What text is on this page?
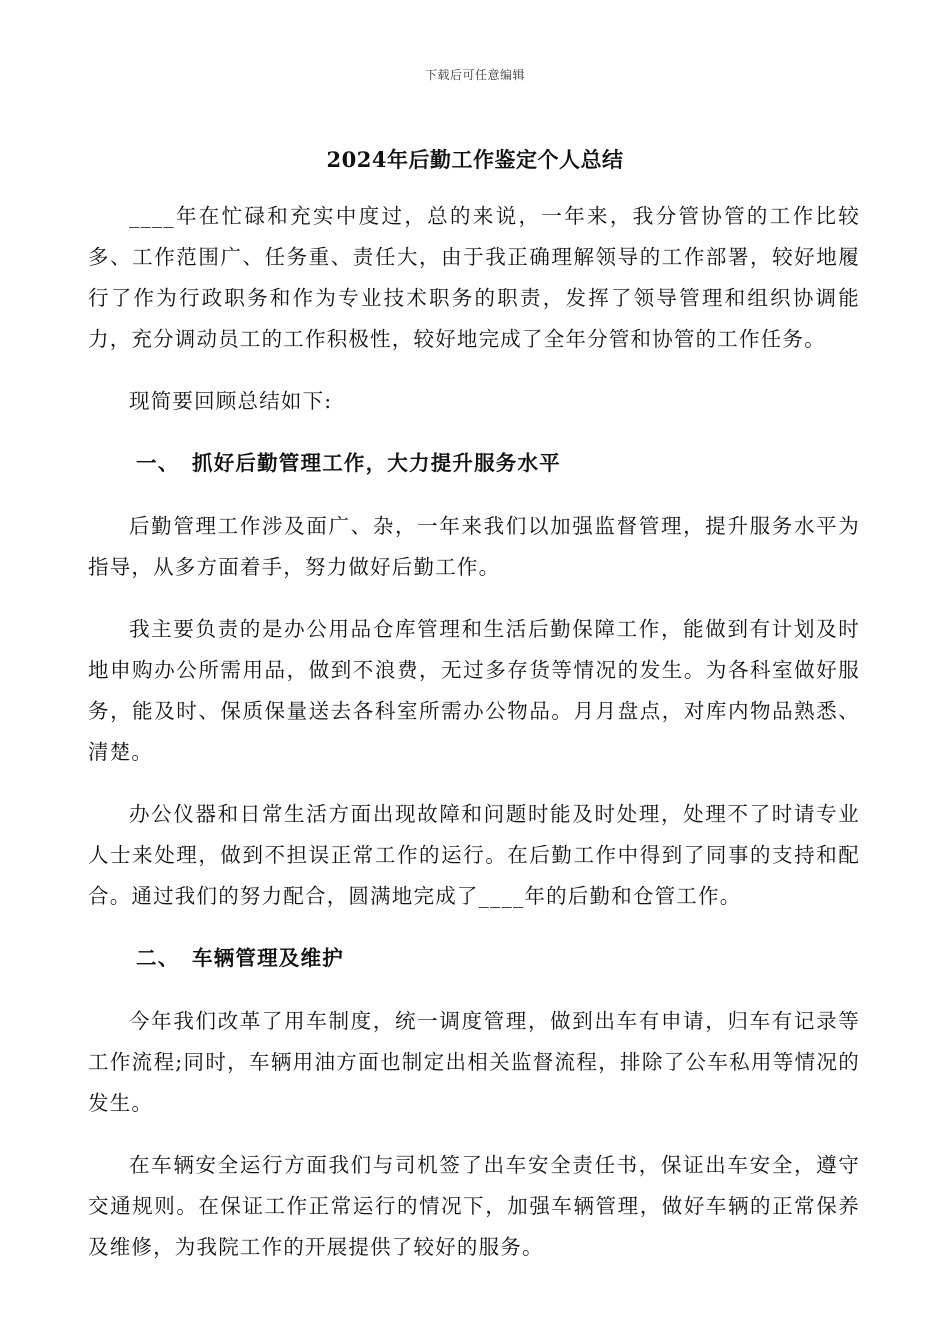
下载后可任意编辑
2024年后勤工作鉴定个人总结

____年在忙碌和充实中度过，总的来说，一年来，我分管协管的工作比较多、工作范围广、任务重、责任大，由于我正确理解领导的工作部署，较好地履行了作为行政职务和作为专业技术职务的职责，发挥了领导管理和组织协调能力，充分调动员工的工作积极性，较好地完成了全年分管和协管的工作任务。

现简要回顾总结如下:

一、 抓好后勤管理工作，大力提升服务水平

后勤管理工作涉及面广、杂，一年来我们以加强监督管理，提升服务水平为指导，从多方面着手，努力做好后勤工作。

我主要负责的是办公用品仓库管理和生活后勤保障工作，能做到有计划及时地申购办公所需用品，做到不浪费，无过多存货等情况的发生。为各科室做好服务，能及时、保质保量送去各科室所需办公物品。月月盘点，对库内物品熟悉、清楚。

办公仪器和日常生活方面出现故障和问题时能及时处理，处理不了时请专业人士来处理，做到不担误正常工作的运行。在后勤工作中得到了同事的支持和配合。通过我们的努力配合，圆满地完成了____年的后勤和仓管工作。

二、 车辆管理及维护

今年我们改革了用车制度，统一调度管理，做到出车有申请，归车有记录等工作流程;同时，车辆用油方面也制定出相关监督流程，排除了公车私用等情况的发生。

在车辆安全运行方面我们与司机签了出车安全责任书，保证出车安全，遵守交通规则。在保证工作正常运行的情况下，加强车辆管理，做好车辆的正常保养及维修，为我院工作的开展提供了较好的服务。
